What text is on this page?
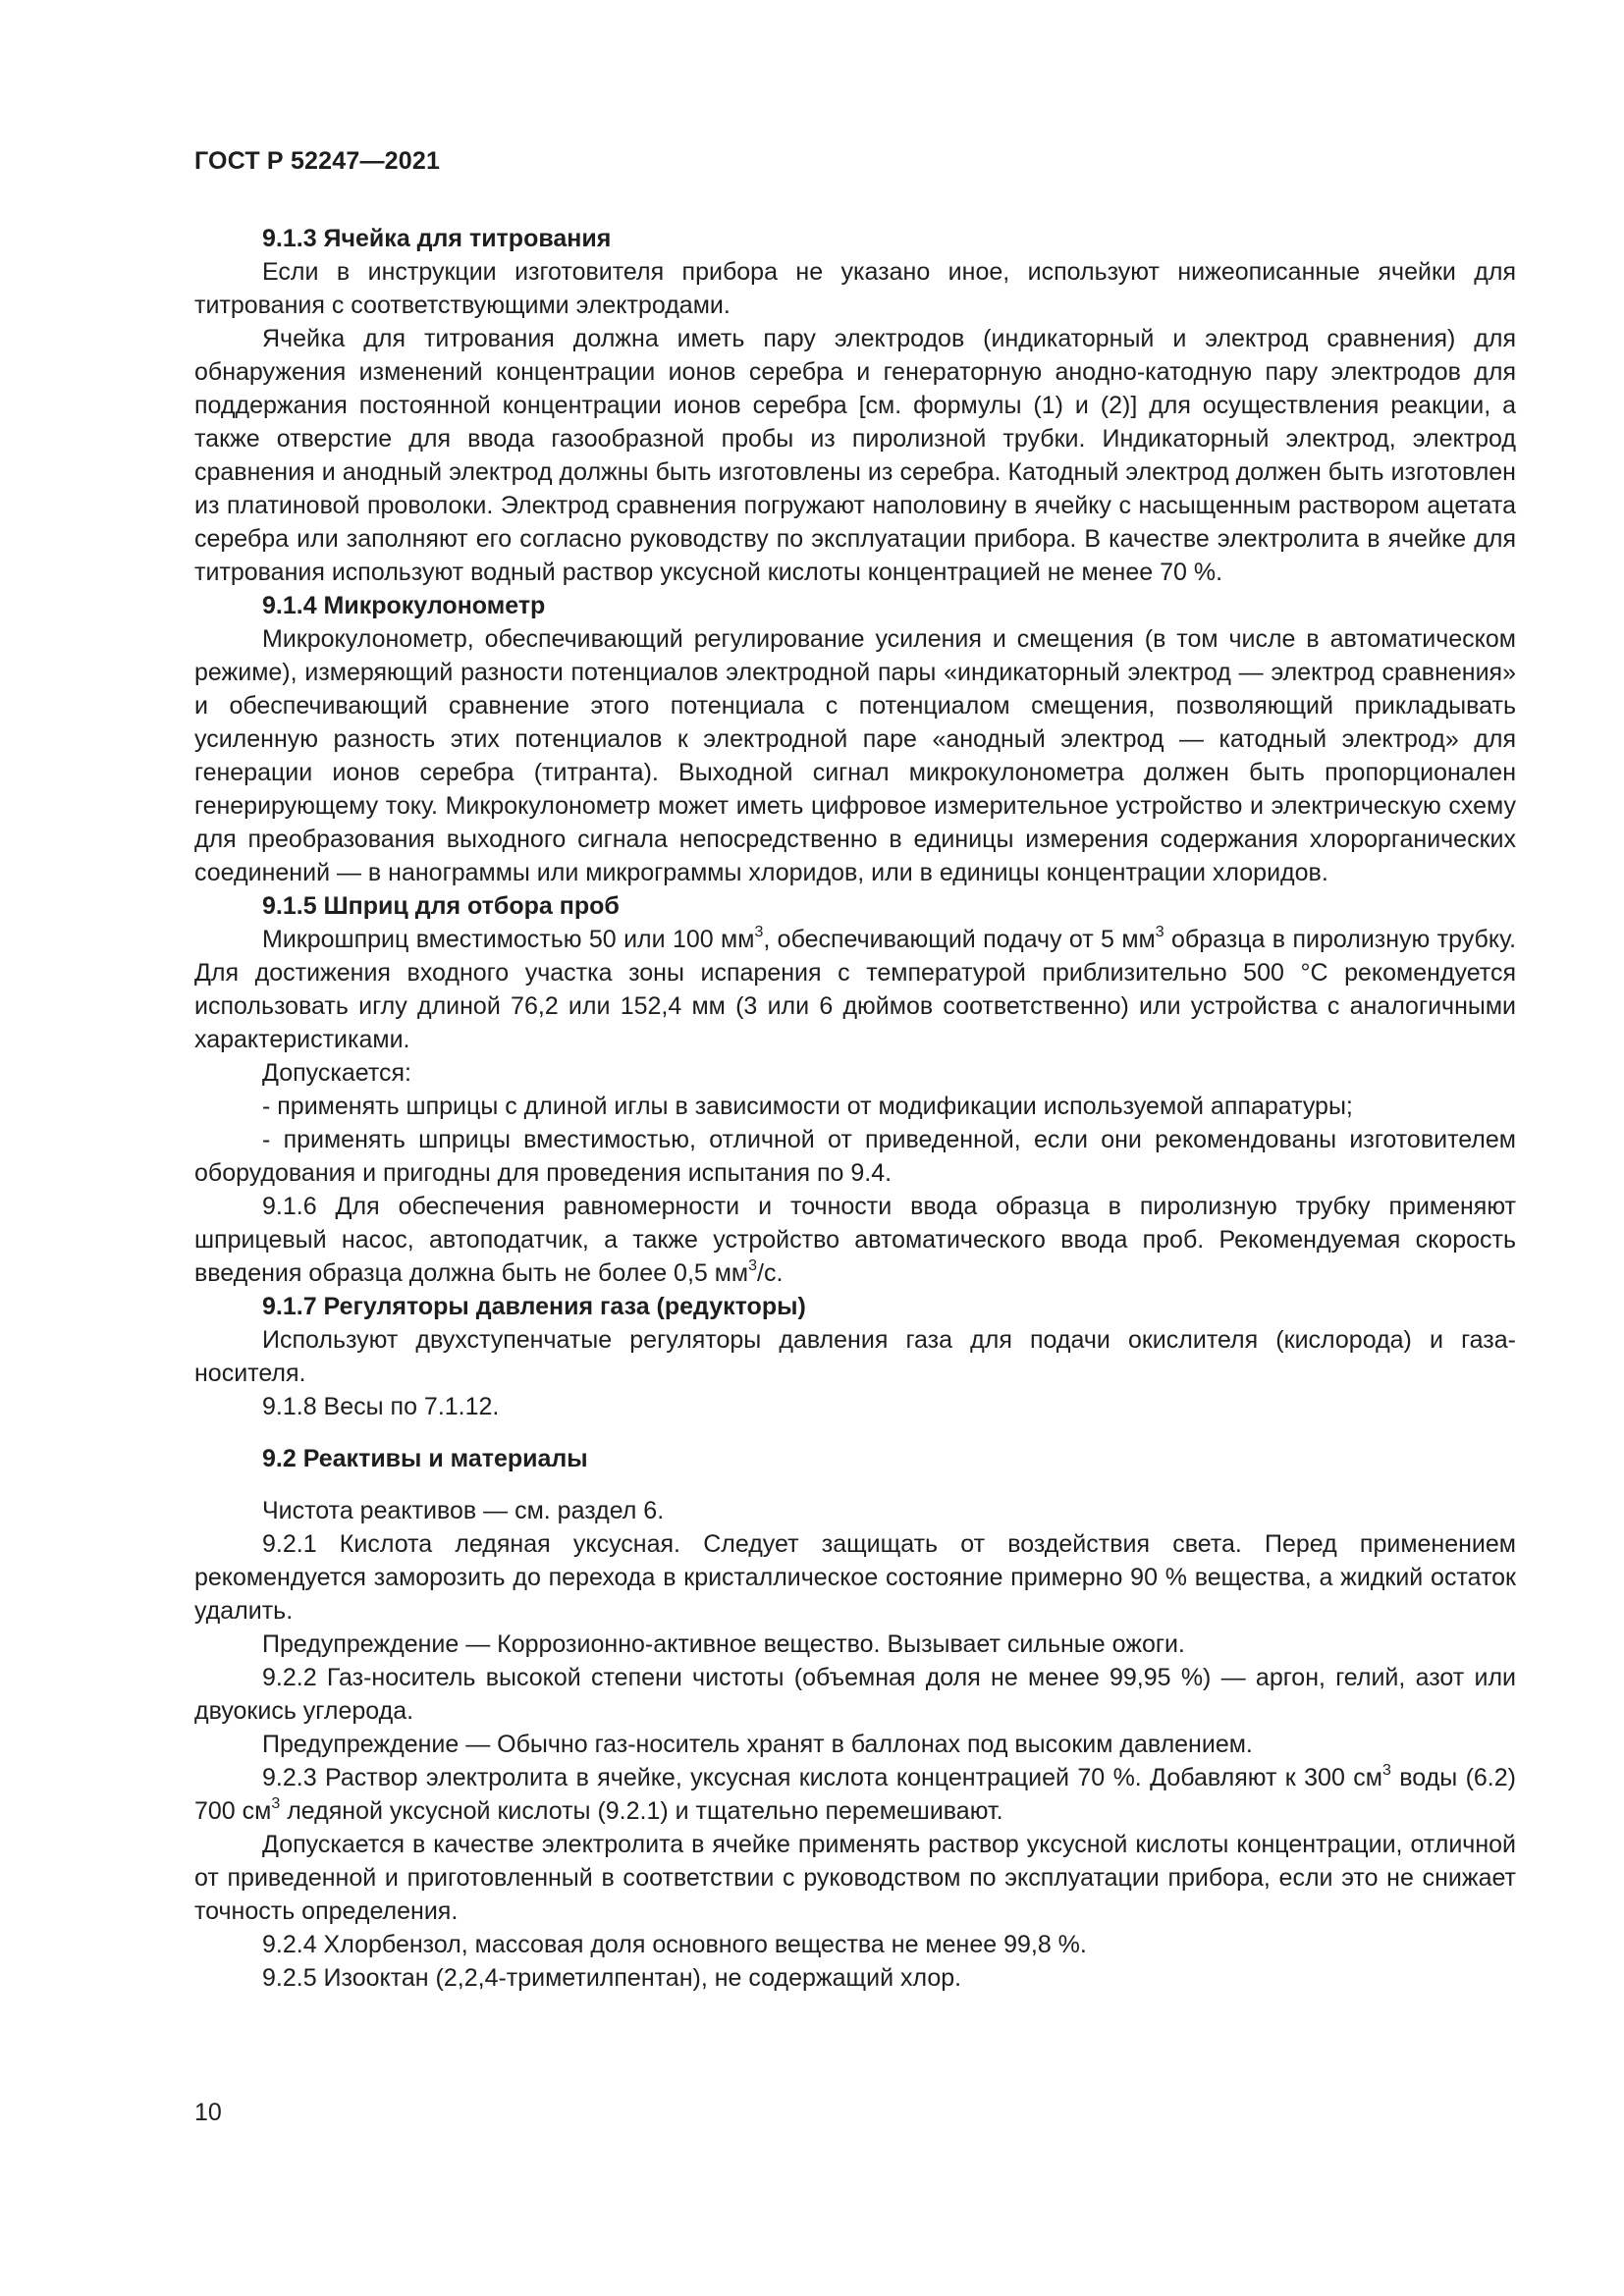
ГОСТ Р 52247—2021
9.1.3 Ячейка для титрования

Если в инструкции изготовителя прибора не указано иное, используют нижеописанные ячейки для титрования с соответствующими электродами.

Ячейка для титрования должна иметь пару электродов (индикаторный и электрод сравнения) для обнаружения изменений концентрации ионов серебра и генераторную анодно-катодную пару электродов для поддержания постоянной концентрации ионов серебра [см. формулы (1) и (2)] для осуществления реакции, а также отверстие для ввода газообразной пробы из пиролизной трубки. Индикаторный электрод, электрод сравнения и анодный электрод должны быть изготовлены из серебра. Катодный электрод должен быть изготовлен из платиновой проволоки. Электрод сравнения погружают наполовину в ячейку с насыщенным раствором ацетата серебра или заполняют его согласно руководству по эксплуатации прибора. В качестве электролита в ячейке для титрования используют водный раствор уксусной кислоты концентрацией не менее 70 %.

9.1.4 Микрокулонометр

Микрокулонометр, обеспечивающий регулирование усиления и смещения (в том числе в автоматическом режиме), измеряющий разности потенциалов электродной пары «индикаторный электрод — электрод сравнения» и обеспечивающий сравнение этого потенциала с потенциалом смещения, позволяющий прикладывать усиленную разность этих потенциалов к электродной паре «анодный электрод — катодный электрод» для генерации ионов серебра (титранта). Выходной сигнал микрокулонометра должен быть пропорционален генерирующему току. Микрокулонометр может иметь цифровое измерительное устройство и электрическую схему для преобразования выходного сигнала непосредственно в единицы измерения содержания хлорорганических соединений — в нанограммы или микрограммы хлоридов, или в единицы концентрации хлоридов.

9.1.5 Шприц для отбора проб

Микрошприц вместимостью 50 или 100 $мм^3$, обеспечивающий подачу от 5 $мм^3$ образца в пиролизную трубку. Для достижения входного участка зоны испарения с температурой приблизительно 500 °С рекомендуется использовать иглу длиной 76,2 или 152,4 мм (3 или 6 дюймов соответственно) или устройства с аналогичными характеристиками.

Допускается:

- применять шприцы с длиной иглы в зависимости от модификации используемой аппаратуры;

- применять шприцы вместимостью, отличной от приведенной, если они рекомендованы изготовителем оборудования и пригодны для проведения испытания по 9.4.

9.1.6 Для обеспечения равномерности и точности ввода образца в пиролизную трубку применяют шприцевый насос, автоподатчик, а также устройство автоматического ввода проб. Рекомендуемая скорость введения образца должна быть не более 0,5 $мм^3/с$.

9.1.7 Регуляторы давления газа (редукторы)

Используют двухступенчатые регуляторы давления газа для подачи окислителя (кислорода) и газа-носителя.

9.1.8 Весы по 7.1.12.

9.2 Реактивы и материалы

Чистота реактивов — см. раздел 6.

9.2.1 Кислота ледяная уксусная. Следует защищать от воздействия света. Перед применением рекомендуется заморозить до перехода в кристаллическое состояние примерно 90 % вещества, а жидкий остаток удалить.

Предупреждение — Коррозионно-активное вещество. Вызывает сильные ожоги.

9.2.2 Газ-носитель высокой степени чистоты (объемная доля не менее 99,95 %) — аргон, гелий, азот или двуокись углерода.

Предупреждение — Обычно газ-носитель хранят в баллонах под высоким давлением.

9.2.3 Раствор электролита в ячейке, уксусная кислота концентрацией 70 %. Добавляют к 300 $см^3$ воды (6.2) 700 $см^3$ ледяной уксусной кислоты (9.2.1) и тщательно перемешивают.

Допускается в качестве электролита в ячейке применять раствор уксусной кислоты концентрации, отличной от приведенной и приготовленный в соответствии с руководством по эксплуатации прибора, если это не снижает точность определения.

9.2.4 Хлорбензол, массовая доля основного вещества не менее 99,8 %.

9.2.5 Изооктан (2,2,4-триметилпентан), не содержащий хлор.

10
